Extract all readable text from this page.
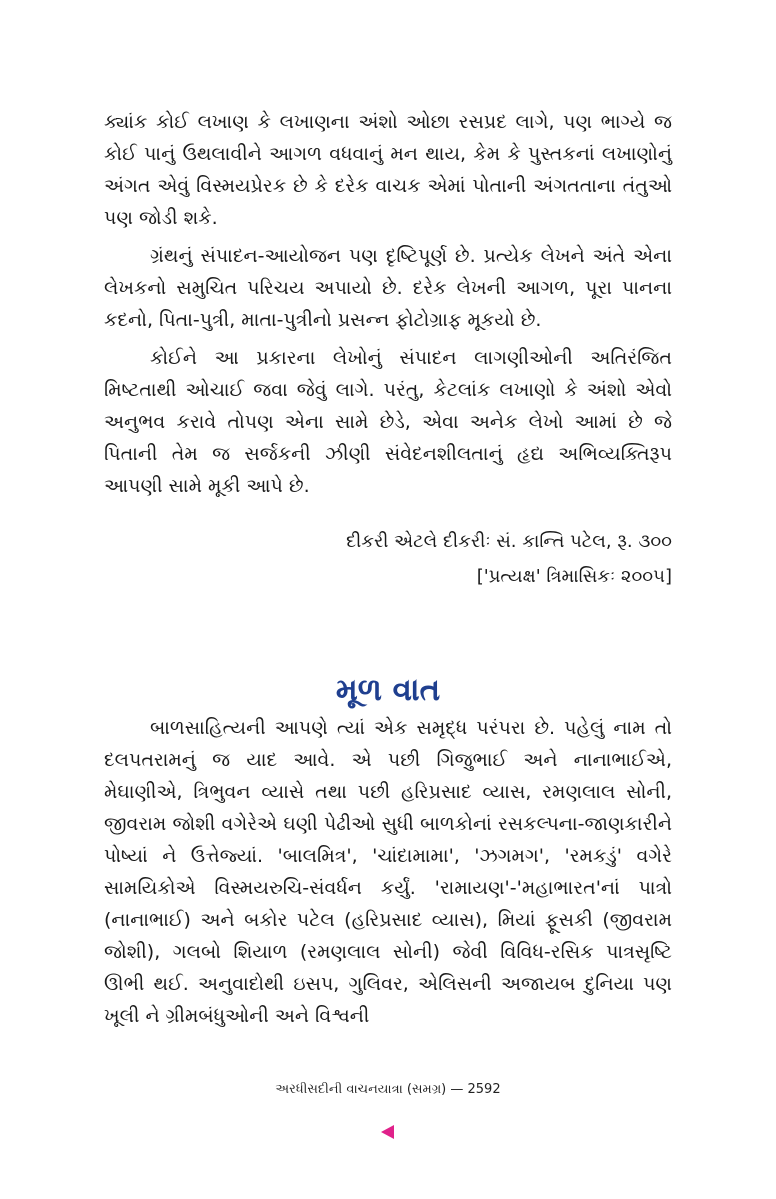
ક્યાંક કોઈ લખાણ કે લખાણના અંશો ઓછા રસપ્રદ લાગે, પણ ભાગ્યે જ કોઈ પાનું ઉથલાવીને આગળ વધવાનું મન થાય, કેમ કે પુસ્તકનાં લખાણોનું અંગત એવું વિસ્મયપ્રેરક છે કે દરેક વાચક એમાં પોતાની અંગતતાના તંતુઓ પણ જોડી શકે.

ગ્રંથનું સંપાદન-આયોજન પણ દૃષ્ટિપૂર્ણ છે. પ્રત્યેક લેખને અંતે એના લેખકનો સમુચિત પરિચય અપાયો છે. દરેક લેખની આગળ, પૂરા પાનના કદનો, પિતા-પુત્રી, માતા-પુત્રીનો પ્રસન્ન ફોટોગ્રાફ મૂકયો છે.

કોઈને આ પ્રકારના લેખોનું સંપાદન લાગણીઓની અતિરંજિત મિષ્ટતાથી ઓચાઈ જવા જેવું લાગે. પરંતુ, કેટલાંક લખાણો કે અંશો એવો અનુભવ કરાવે તોપણ એના સામે છેડે, એવા અનેક લેખો આમાં છે જે પિતાની તેમ જ સર્જકની ઝીણી સંવેદનશીલતાનું હૃદ્ય અભિવ્યક્તિરૂપ આપણી સામે મૂકી આપે છે.

દીકરી એટલે દીકરીઃ સં. કાન્તિ પટેલ, રૂ. ૩૦૦
['પ્રત્યક્ષ' ત્રિમાસિકઃ ૨૦૦૫]
મૂળ વાત

બાળસાહિત્યની આપણે ત્યાં એક સમૃદ્ધ પરંપરા છે. પહેલું નામ તો દલપતરામનું જ યાદ આવે. એ પછી ગિજુભાઈ અને નાનાભાઈએ, મેઘાણીએ, ત્રિભુવન વ્યાસે તથા પછી હરિપ્રસાદ વ્યાસ, રમણલાલ સોની, જીવરામ જોશી વગેરેએ ઘણી પેઢીઓ સુધી બાળકોનાં રસકલ્પના-જાણકારીને પોષ્યાં ને ઉત્તેજ્યાં. 'બાલમિત્ર', 'ચાંદામામા', 'ઝગમગ', 'રમકડું' વગેરે સામયિકોએ વિસ્મયરુચિ-સંવર્ધન કર્યું. 'રામાયણ'-'મહાભારત'નાં પાત્રો (નાનાભાઈ) અને બકોર પટેલ (હરિપ્રસાદ વ્યાસ), મિયાં ફૂસકી (જીવરામ જોશી), ગલબો શિયાળ (રમણલાલ સોની) જેવી વિવિધ-રસિક પાત્રસૃષ્ટિ ઊભી થઈ. અનુવાદોથી ઇસપ, ગુલિવર, એલિસની અજાયબ દુનિયા પણ ખૂલી ને ગ્રીમબંધુઓની અને વિશ્વની

અરધીસદીની વાચનયાત્રા (સમગ્ર) — 2592
